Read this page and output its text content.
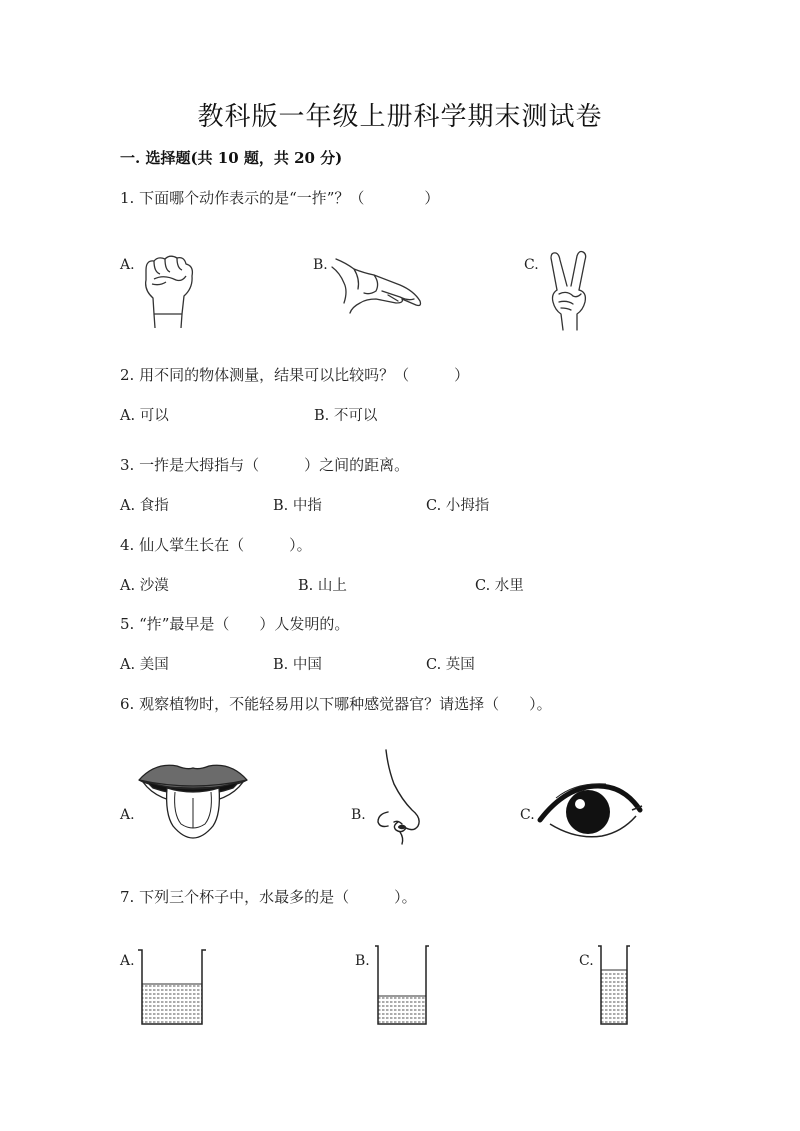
教科版一年级上册科学期末测试卷
一. 选择题(共 10 题，共 20 分)
1. 下面哪个动作表示的是“一拃”？（　　　　）
A.	B.	C.
2. 用不同的物体测量，结果可以比较吗？（　　　）
A. 可以	B. 不可以
3. 一拃是大拇指与（　　　）之间的距离。
A. 食指	B. 中指	C. 小拇指
4. 仙人掌生长在（　　　）。
A. 沙漠	B. 山上	C. 水里
5. “拃”最早是（　　）人发明的。
A. 美国	B. 中国	C. 英国
6. 观察植物时，不能轻易用以下哪种感觉器官？请选择（　　）。
A.	B.	C.
7. 下列三个杯子中，水最多的是（　　　）。
A.	B.	C.
